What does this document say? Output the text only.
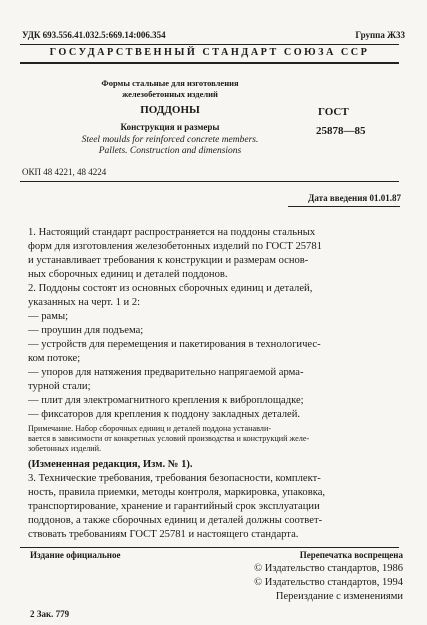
УДК 693.556.41.032.5:669.14:006.354	Группа Ж33
ГОСУДАРСТВЕННЫЙ СТАНДАРТ СОЮЗА ССР
Формы стальные для изготовления
железобетонных изделий
ПОДДОНЫ
Конструкция и размеры
Steel moulds for reinforced concrete members.
Pallets. Construction and dimensions
ГОСТ
25878—85
ОКП 48 4221, 48 4224
Дата введения 01.01.87
1. Настоящий стандарт распространяется на поддоны стальных
форм для изготовления железобетонных изделий по ГОСТ 25781
и устанавливает требования к конструкции и размерам основ-
ных сборочных единиц и деталей поддонов.
2. Поддоны состоят из основных сборочных единиц и деталей,
указанных на черт. 1 и 2:
— рамы;
— проушин для подъема;
— устройств для перемещения и пакетирования в технологичес-
ком потоке;
— упоров для натяжения предварительно напрягаемой арма-
турной стали;
— плит для электромагнитного крепления к виброплощадке;
— фиксаторов для крепления к поддону закладных деталей.
Примечание. Набор сборочных единиц и деталей поддона устанавли-
вается в зависимости от конкретных условий производства и конструкций желе-
зобетонных изделий.
(Измененная редакция, Изм. № 1).
3. Технические требования, требования безопасности, комплект-
ность, правила приемки, методы контроля, маркировка, упаковка,
транспортирование, хранение и гарантийный срок эксплуатации
поддонов, а также сборочных единиц и деталей должны соответ-
ствовать требованиям ГОСТ 25781 и настоящего стандарта.
Издание официальное	Перепечатка воспрещена
© Издательство стандартов, 1986
© Издательство стандартов, 1994
Переиздание с изменениями
2 Зак. 779
